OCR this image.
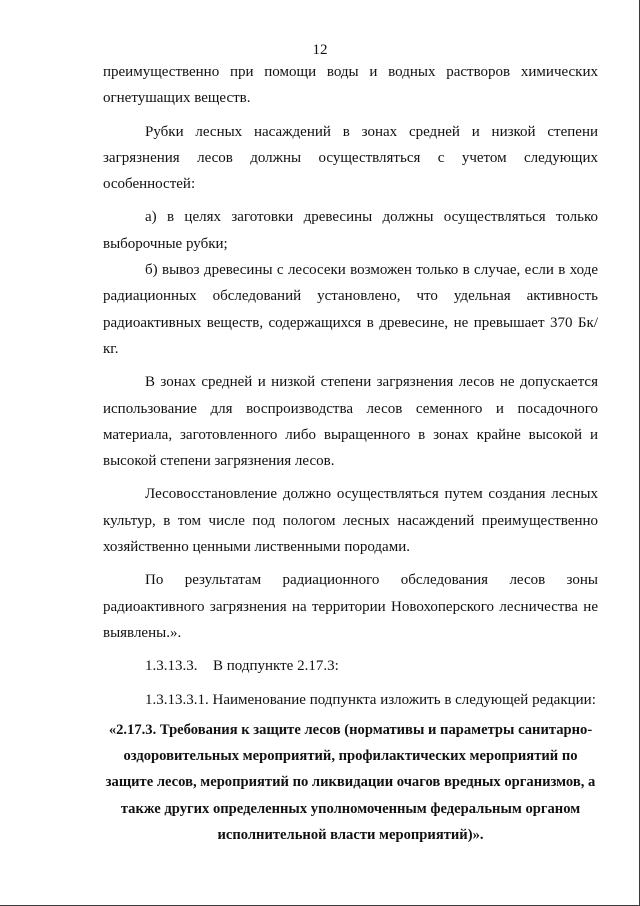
12

преимущественно при помощи воды и водных растворов химических огнетушащих веществ.

Рубки лесных насаждений в зонах средней и низкой степени загрязнения лесов должны осуществляться с учетом следующих особенностей:

а) в целях заготовки древесины должны осуществляться только выборочные рубки;

б) вывоз древесины с лесосеки возможен только в случае, если в ходе радиационных обследований установлено, что удельная активность радиоактивных веществ, содержащихся в древесине, не превышает 370 Бк/кг.

В зонах средней и низкой степени загрязнения лесов не допускается использование для воспроизводства лесов семенного и посадочного материала, заготовленного либо выращенного в зонах крайне высокой и высокой степени загрязнения лесов.

Лесовосстановление должно осуществляться путем создания лесных культур, в том числе под пологом лесных насаждений преимущественно хозяйственно ценными лиственными породами.

По результатам радиационного обследования лесов зоны радиоактивного загрязнения на территории Новохоперского лесничества не выявлены.».

1.3.13.3. В подпункте 2.17.3:

1.3.13.3.1. Наименование подпункта изложить в следующей редакции:

«2.17.3. Требования к защите лесов (нормативы и параметры санитарно-оздоровительных мероприятий, профилактических мероприятий по защите лесов, мероприятий по ликвидации очагов вредных организмов, а также других определенных уполномоченным федеральным органом исполнительной власти мероприятий)».
